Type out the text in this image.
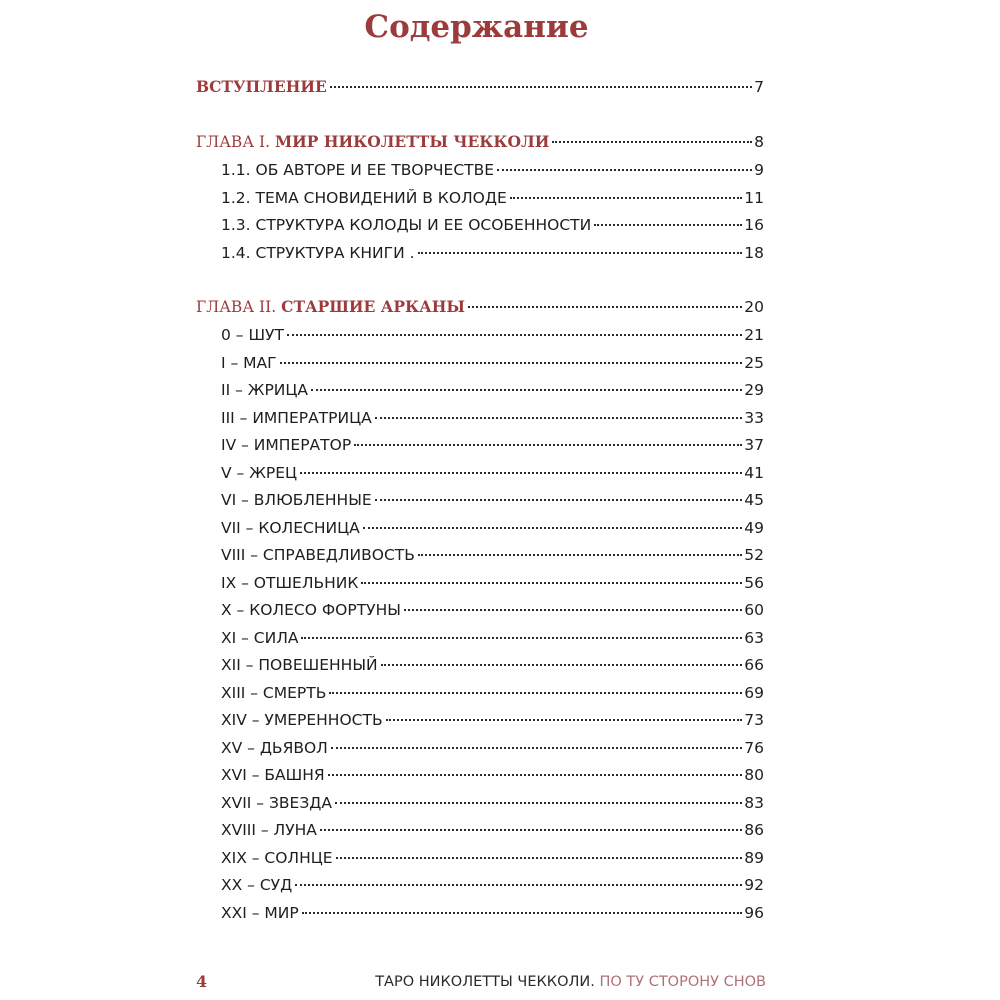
Содержание
ВСТУПЛЕНИЕ	7
ГЛАВА I. МИР НИКОЛЕТТЫ ЧЕККОЛИ	8
1.1. ОБ АВТОРЕ И ЕЕ ТВОРЧЕСТВЕ	9
1.2. ТЕМА СНОВИДЕНИЙ В КОЛОДЕ	11
1.3. СТРУКТУРА КОЛОДЫ И ЕЕ ОСОБЕННОСТИ	16
1.4. СТРУКТУРА КНИГИ .	18
ГЛАВА II. СТАРШИЕ АРКАНЫ	20
0 – ШУТ	21
I – МАГ	25
II – ЖРИЦА	29
III – ИМПЕРАТРИЦА	33
IV – ИМПЕРАТОР	37
V – ЖРЕЦ	41
VI – ВЛЮБЛЕННЫЕ	45
VII – КОЛЕСНИЦА	49
VIII – СПРАВЕДЛИВОСТЬ	52
IX – ОТШЕЛЬНИК	56
X – КОЛЕСО ФОРТУНЫ	60
XI – СИЛА	63
XII – ПОВЕШЕННЫЙ	66
XIII – СМЕРТЬ	69
XIV – УМЕРЕННОСТЬ	73
XV – ДЬЯВОЛ	76
XVI – БАШНЯ	80
XVII – ЗВЕЗДА	83
XVIII – ЛУНА	86
XIX – СОЛНЦЕ	89
XX – СУД	92
XXI – МИР	96
4	ТАРО НИКОЛЕТТЫ ЧЕККОЛИ. ПО ТУ СТОРОНУ СНОВ
